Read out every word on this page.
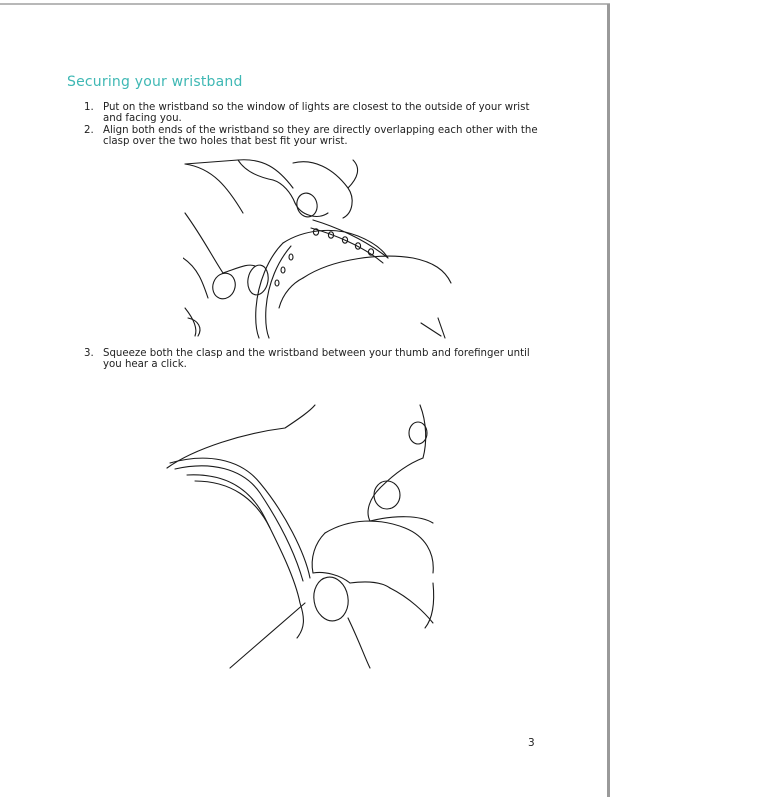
Securing your wristband
1. Put on the wristband so the window of lights are closest to the outside of your wrist and facing you.
2. Align both ends of the wristband so they are directly overlapping each other with the clasp over the two holes that best fit your wrist.
3. Squeeze both the clasp and the wristband between your thumb and forefinger until you hear a click.
3
